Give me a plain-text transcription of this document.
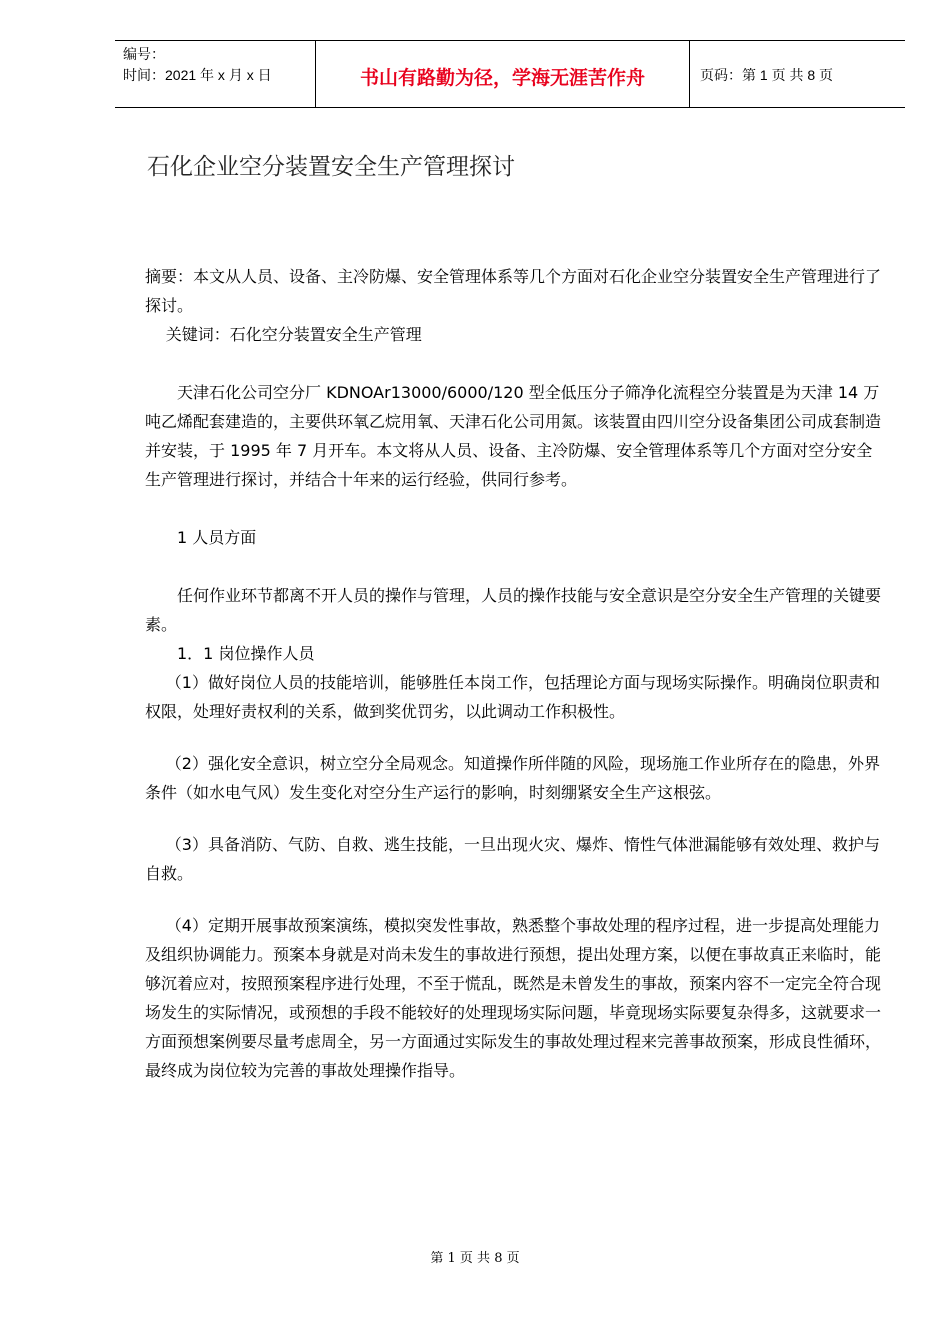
编号：
时间：2021 年 x 月 x 日	书山有路勤为径，学海无涯苦作舟	页码：第 1 页 共 8 页
石化企业空分装置安全生产管理探讨

摘要：本文从人员、设备、主冷防爆、安全管理体系等几个方面对石化企业空分装置安全生产管理进行了探讨。

关键词：石化空分装置安全生产管理

天津石化公司空分厂 KDNOAr13000/6000/120 型全低压分子筛净化流程空分装置是为天津 14 万吨乙烯配套建造的，主要供环氧乙烷用氧、天津石化公司用氮。该装置由四川空分设备集团公司成套制造并安装，于 1995 年 7 月开车。本文将从人员、设备、主冷防爆、安全管理体系等几个方面对空分安全生产管理进行探讨，并结合十年来的运行经验，供同行参考。

1 人员方面

任何作业环节都离不开人员的操作与管理，人员的操作技能与安全意识是空分安全生产管理的关键要素。

1．1 岗位操作人员

（1）做好岗位人员的技能培训，能够胜任本岗工作，包括理论方面与现场实际操作。明确岗位职责和权限，处理好责权利的关系，做到奖优罚劣，以此调动工作积极性。

（2）强化安全意识，树立空分全局观念。知道操作所伴随的风险，现场施工作业所存在的隐患，外界条件（如水电气风）发生变化对空分生产运行的影响，时刻绷紧安全生产这根弦。

（3）具备消防、气防、自救、逃生技能，一旦出现火灾、爆炸、惰性气体泄漏能够有效处理、救护与自救。

（4）定期开展事故预案演练，模拟突发性事故，熟悉整个事故处理的程序过程，进一步提高处理能力及组织协调能力。预案本身就是对尚未发生的事故进行预想，提出处理方案，以便在事故真正来临时，能够沉着应对，按照预案程序进行处理，不至于慌乱，既然是未曾发生的事故，预案内容不一定完全符合现场发生的实际情况，或预想的手段不能较好的处理现场实际问题，毕竟现场实际要复杂得多，这就要求一方面预想案例要尽量考虑周全，另一方面通过实际发生的事故处理过程来完善事故预案，形成良性循环，最终成为岗位较为完善的事故处理操作指导。

第 1 页 共 8 页
